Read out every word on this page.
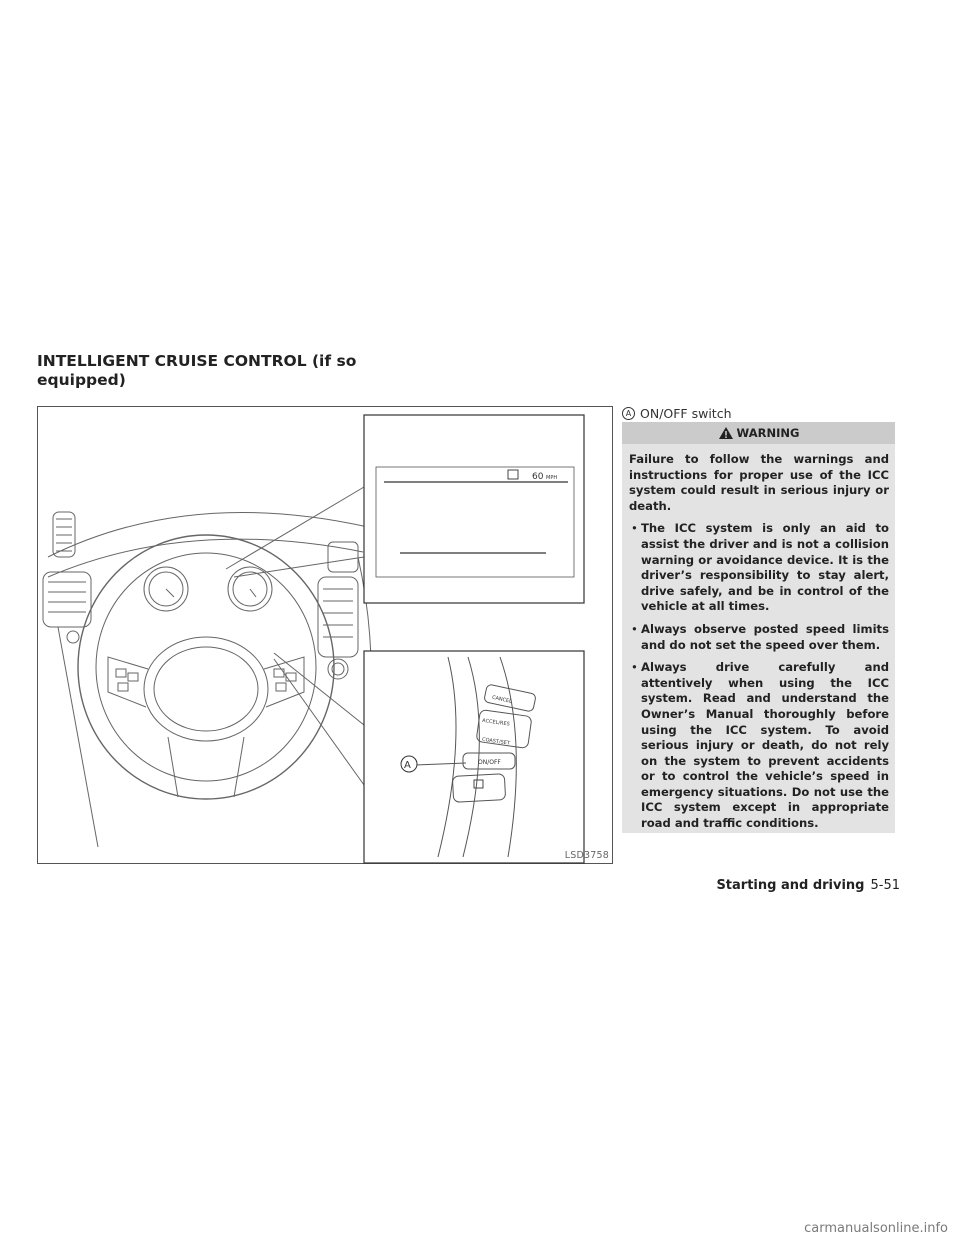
INTELLIGENT CRUISE CONTROL (if so equipped)
60 MPH
A
CANCEL
ACCEL/RES
COAST/SET
ON/OFF
LSD3758
A ON/OFF switch
WARNING

Failure to follow the warnings and instructions for proper use of the ICC system could result in serious injury or death.

• The ICC system is only an aid to assist the driver and is not a collision warning or avoidance device. It is the driver’s responsibility to stay alert, drive safely, and be in control of the vehicle at all times.
• Always observe posted speed limits and do not set the speed over them.
• Always drive carefully and attentively when using the ICC system. Read and understand the Owner’s Manual thoroughly before using the ICC system. To avoid serious injury or death, do not rely on the system to prevent accidents or to control the vehicle’s speed in emergency situations. Do not use the ICC system except in appropriate road and traffic conditions.
Starting and driving 5-51
carmanualsonline.info
